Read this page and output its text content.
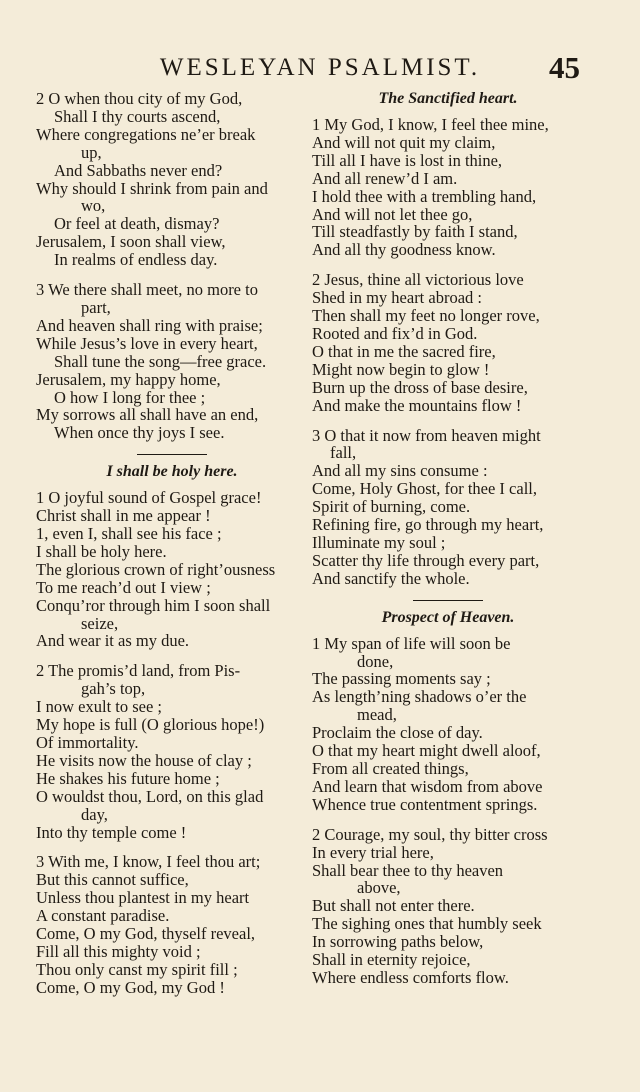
WESLEYAN PSALMIST.	45
2 O when thou city of my God,
Shall I thy courts ascend,
Where congregations ne’er break
up,
And Sabbaths never end?
Why should I shrink from pain and
wo,
Or feel at death, dismay?
Jerusalem, I soon shall view,
In realms of endless day.
3 We there shall meet, no more to
part,
And heaven shall ring with praise;
While Jesus’s love in every heart,
Shall tune the song—free grace.
Jerusalem, my happy home,
O how I long for thee ;
My sorrows all shall have an end,
When once thy joys I see.
I shall be holy here.
1 O joyful sound of Gospel grace!
Christ shall in me appear !
1, even I, shall see his face ;
I shall be holy here.
The glorious crown of right’ousness
To me reach’d out I view ;
Conqu’ror through him I soon shall
seize,
And wear it as my due.
2 The promis’d land, from Pis-
gah’s top,
I now exult to see ;
My hope is full (O glorious hope!)
Of immortality.
He visits now the house of clay ;
He shakes his future home ;
O wouldst thou, Lord, on this glad
day,
Into thy temple come !
3 With me, I know, I feel thou art;
But this cannot suffice,
Unless thou plantest in my heart
A constant paradise.
Come, O my God, thyself reveal,
Fill all this mighty void ;
Thou only canst my spirit fill ;
Come, O my God, my God !
The Sanctified heart.
1 My God, I know, I feel thee mine,
And will not quit my claim,
Till all I have is lost in thine,
And all renew’d I am.
I hold thee with a trembling hand,
And will not let thee go,
Till steadfastly by faith I stand,
And all thy goodness know.
2 Jesus, thine all victorious love
Shed in my heart abroad :
Then shall my feet no longer rove,
Rooted and fix’d in God.
O that in me the sacred fire,
Might now begin to glow !
Burn up the dross of base desire,
And make the mountains flow !
3 O that it now from heaven might
fall,
And all my sins consume :
Come, Holy Ghost, for thee I call,
Spirit of burning, come.
Refining fire, go through my heart,
Illuminate my soul ;
Scatter thy life through every part,
And sanctify the whole.
Prospect of Heaven.
1 My span of life will soon be
done,
The passing moments say ;
As length’ning shadows o’er the
mead,
Proclaim the close of day.
O that my heart might dwell aloof,
From all created things,
And learn that wisdom from above
Whence true contentment springs.
2 Courage, my soul, thy bitter cross
In every trial here,
Shall bear thee to thy heaven
above,
But shall not enter there.
The sighing ones that humbly seek
In sorrowing paths below,
Shall in eternity rejoice,
Where endless comforts flow.
